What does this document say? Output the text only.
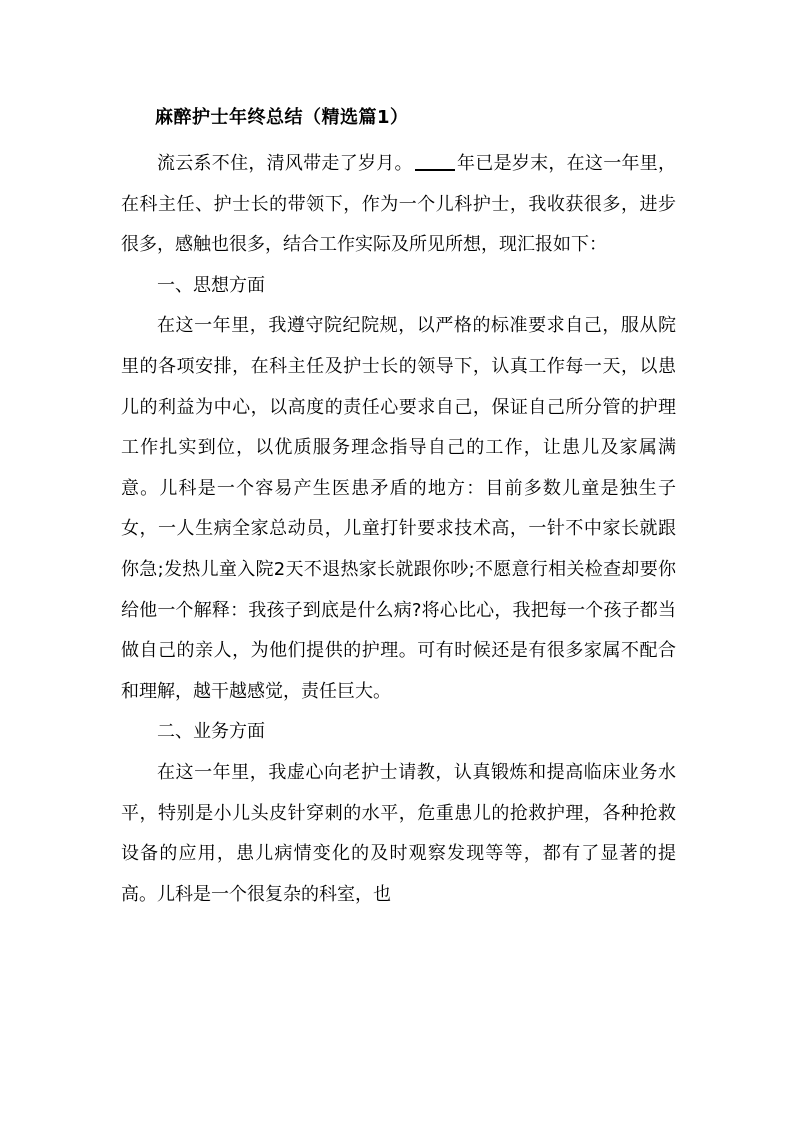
麻醉护士年终总结（精选篇1）

流云系不住，清风带走了岁月。 年已是岁末，在这一年里，在科主任、护士长的带领下，作为一个儿科护士，我收获很多，进步很多，感触也很多，结合工作实际及所见所想，现汇报如下：

一、思想方面

在这一年里，我遵守院纪院规，以严格的标准要求自己，服从院里的各项安排，在科主任及护士长的领导下，认真工作每一天，以患儿的利益为中心，以高度的责任心要求自己，保证自己所分管的护理工作扎实到位，以优质服务理念指导自己的工作，让患儿及家属满意。儿科是一个容易产生医患矛盾的地方：目前多数儿童是独生子女，一人生病全家总动员，儿童打针要求技术高，一针不中家长就跟你急;发热儿童入院2天不退热家长就跟你吵;不愿意行相关检查却要你给他一个解释：我孩子到底是什么病?将心比心，我把每一个孩子都当做自己的亲人，为他们提供的护理。可有时候还是有很多家属不配合和理解，越干越感觉，责任巨大。

二、业务方面

在这一年里，我虚心向老护士请教，认真锻炼和提高临床业务水平，特别是小儿头皮针穿刺的水平，危重患儿的抢救护理，各种抢救设备的应用，患儿病情变化的及时观察发现等等，都有了显著的提高。儿科是一个很复杂的科室，也
